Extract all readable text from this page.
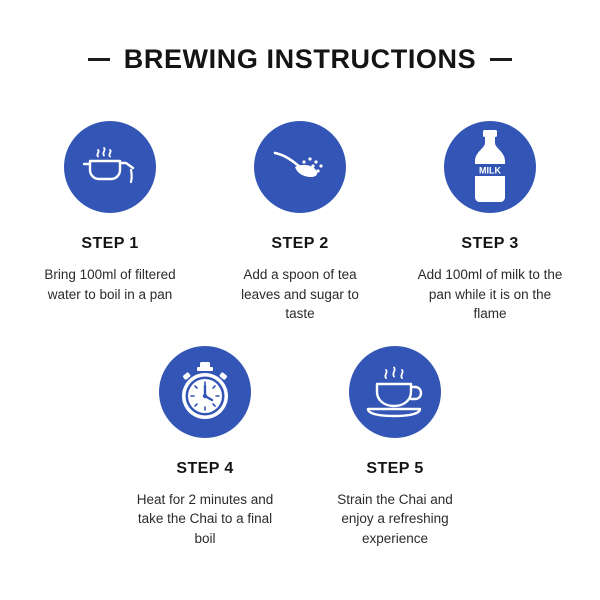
BREWING INSTRUCTIONS
STEP 1
Bring 100ml of filtered water to boil in a pan
STEP 2
Add a spoon of tea leaves and sugar to taste
MILK
STEP 3
Add 100ml of milk to the pan while it is on the flame
STEP 4
Heat for 2 minutes and take the Chai to a final boil
STEP 5
Strain the Chai and enjoy a refreshing experience
